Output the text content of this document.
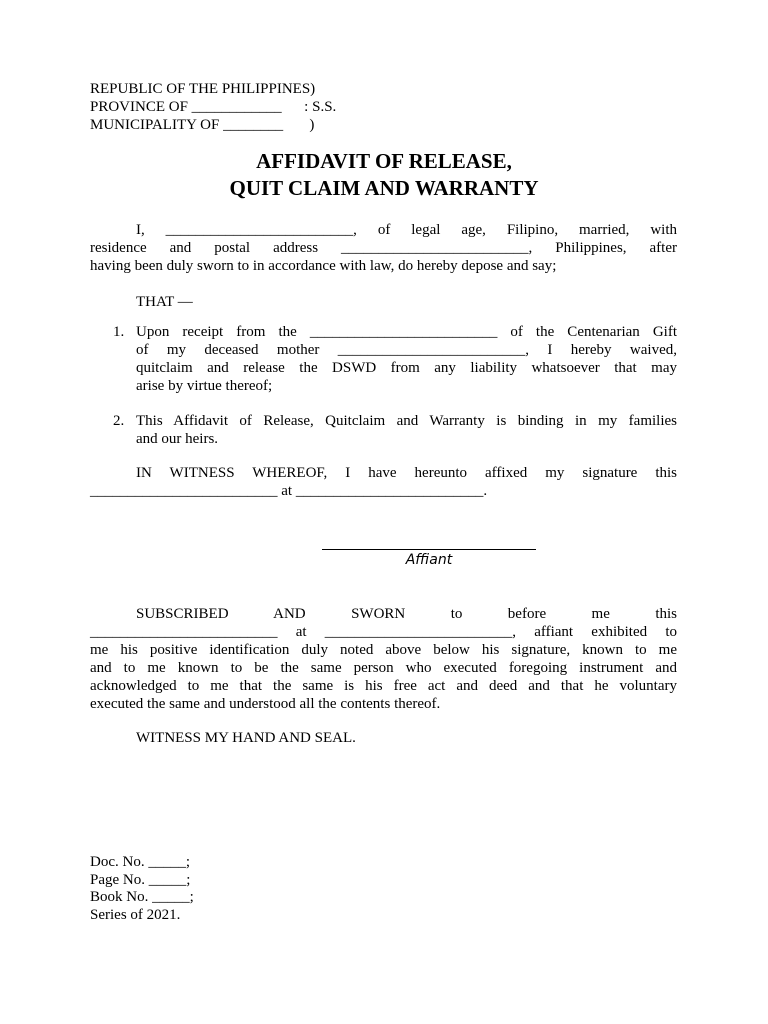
REPUBLIC OF THE PHILIPPINES)
PROVINCE OF ____________      : S.S.
MUNICIPALITY OF ________       )
AFFIDAVIT OF RELEASE,
QUIT CLAIM AND WARRANTY
I, _________________________, of legal age, Filipino, married, with
residence and postal address _________________________, Philippines, after
having been duly sworn to in accordance with law, do hereby depose and say;
THAT —
1. Upon receipt from the _________________________ of the Centenarian Gift
of my deceased mother _________________________, I hereby waived,
quitclaim and release the DSWD from any liability whatsoever that may
arise by virtue thereof;
2. This Affidavit of Release, Quitclaim and Warranty is binding in my families
and our heirs.
IN WITNESS WHEREOF, I have hereunto affixed my signature this
_________________________ at _________________________.
Affiant
SUBSCRIBED AND SWORN to before me this
_________________________ at _________________________, affiant exhibited to
me his positive identification duly noted above below his signature, known to me
and to me known to be the same person who executed foregoing instrument and
acknowledged to me that the same is his free act and deed and that he voluntary
executed the same and understood all the contents thereof.
WITNESS MY HAND AND SEAL.
Doc. No. _____;
Page No. _____;
Book No. _____;
Series of 2021.
